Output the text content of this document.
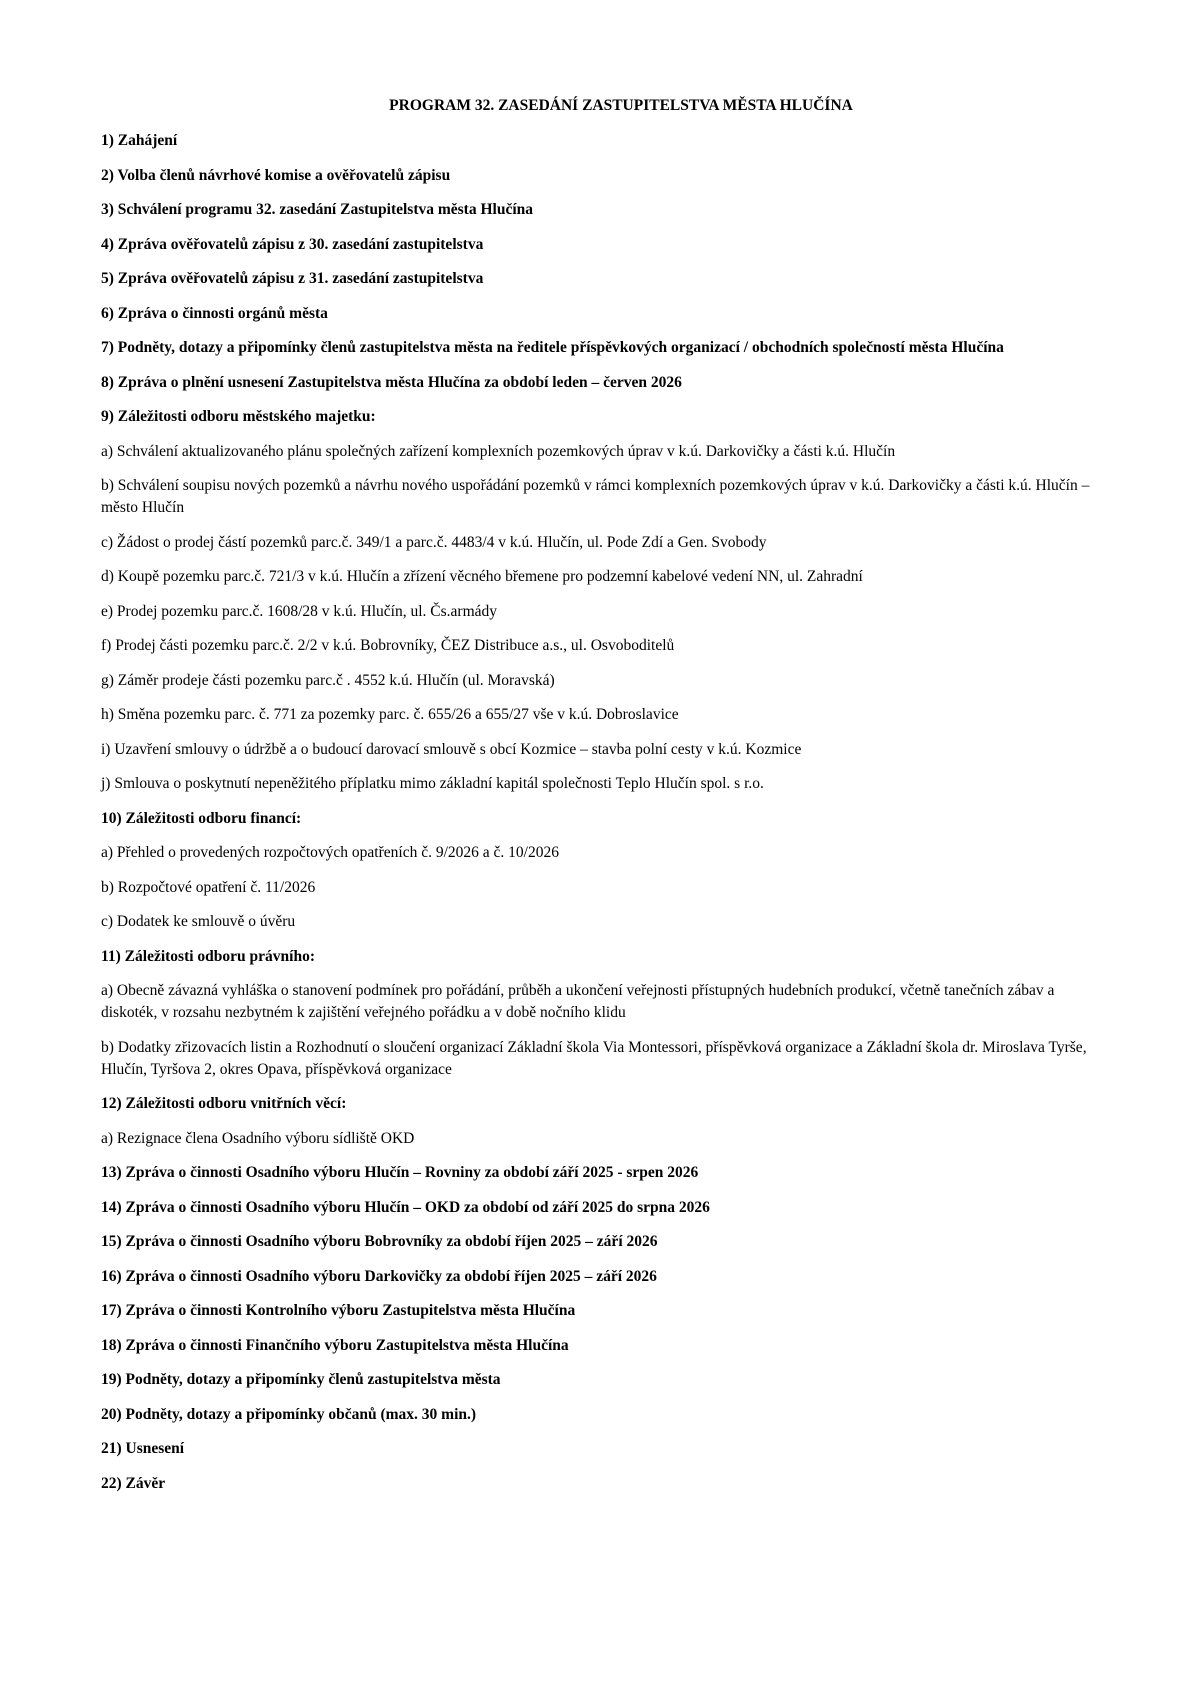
PROGRAM 32. ZASEDÁNÍ ZASTUPITELSTVA MĚSTA HLUČÍNA
1) Zahájení
2) Volba členů návrhové komise a ověřovatelů zápisu
3) Schválení programu 32. zasedání Zastupitelstva města Hlučína
4) Zpráva ověřovatelů zápisu z 30. zasedání zastupitelstva
5) Zpráva ověřovatelů zápisu z 31. zasedání zastupitelstva
6) Zpráva o činnosti orgánů města
7) Podněty, dotazy a připomínky členů zastupitelstva města na ředitele příspěvkových organizací / obchodních společností města Hlučína
8) Zpráva o plnění usnesení Zastupitelstva města Hlučína za období leden – červen 2026
9) Záležitosti odboru městského majetku:
a) Schválení aktualizovaného plánu společných zařízení komplexních pozemkových úprav v k.ú. Darkovičky a části k.ú. Hlučín
b) Schválení soupisu nových pozemků a návrhu nového uspořádání pozemků v rámci komplexních pozemkových úprav v k.ú. Darkovičky a části k.ú. Hlučín – město Hlučín
c) Žádost o prodej částí pozemků parc.č. 349/1 a parc.č. 4483/4 v k.ú. Hlučín, ul. Pode Zdí a Gen. Svobody
d) Koupě pozemku parc.č. 721/3 v k.ú. Hlučín a zřízení věcného břemene pro podzemní kabelové vedení NN, ul. Zahradní
e) Prodej pozemku parc.č. 1608/28 v k.ú. Hlučín, ul. Čs.armády
f) Prodej části pozemku parc.č. 2/2 v k.ú. Bobrovníky, ČEZ Distribuce a.s., ul. Osvoboditelů
g) Záměr prodeje části pozemku parc.č . 4552 k.ú. Hlučín (ul. Moravská)
h) Směna pozemku parc. č. 771 za pozemky parc. č. 655/26 a 655/27 vše v k.ú. Dobroslavice
i) Uzavření smlouvy o údržbě a o budoucí darovací smlouvě s obcí Kozmice – stavba polní cesty v k.ú. Kozmice
j) Smlouva o poskytnutí nepeněžitého příplatku mimo základní kapitál společnosti Teplo Hlučín spol. s r.o.
10) Záležitosti odboru financí:
a) Přehled o provedených rozpočtových opatřeních č. 9/2026 a č. 10/2026
b) Rozpočtové opatření č. 11/2026
c) Dodatek ke smlouvě o úvěru
11) Záležitosti odboru právního:
a) Obecně závazná vyhláška o stanovení podmínek pro pořádání, průběh a ukončení veřejnosti přístupných hudebních produkcí, včetně tanečních zábav a diskoték, v rozsahu nezbytném k zajištění veřejného pořádku a v době nočního klidu
b) Dodatky zřizovacích listin a Rozhodnutí o sloučení organizací Základní škola Via Montessori, příspěvková organizace a Základní škola dr. Miroslava Tyrše, Hlučín, Tyršova 2, okres Opava, příspěvková organizace
12) Záležitosti odboru vnitřních věcí:
a) Rezignace člena Osadního výboru sídliště OKD
13) Zpráva o činnosti Osadního výboru Hlučín – Rovniny za období září 2025 - srpen 2026
14) Zpráva o činnosti Osadního výboru Hlučín – OKD za období od září 2025 do srpna 2026
15) Zpráva o činnosti Osadního výboru Bobrovníky za období říjen 2025 – září 2026
16) Zpráva o činnosti Osadního výboru Darkovičky za období říjen 2025 – září 2026
17) Zpráva o činnosti Kontrolního výboru Zastupitelstva města Hlučína
18) Zpráva o činnosti Finančního výboru Zastupitelstva města Hlučína
19) Podněty, dotazy a připomínky členů zastupitelstva města
20) Podněty, dotazy a připomínky občanů (max. 30 min.)
21) Usnesení
22) Závěr
